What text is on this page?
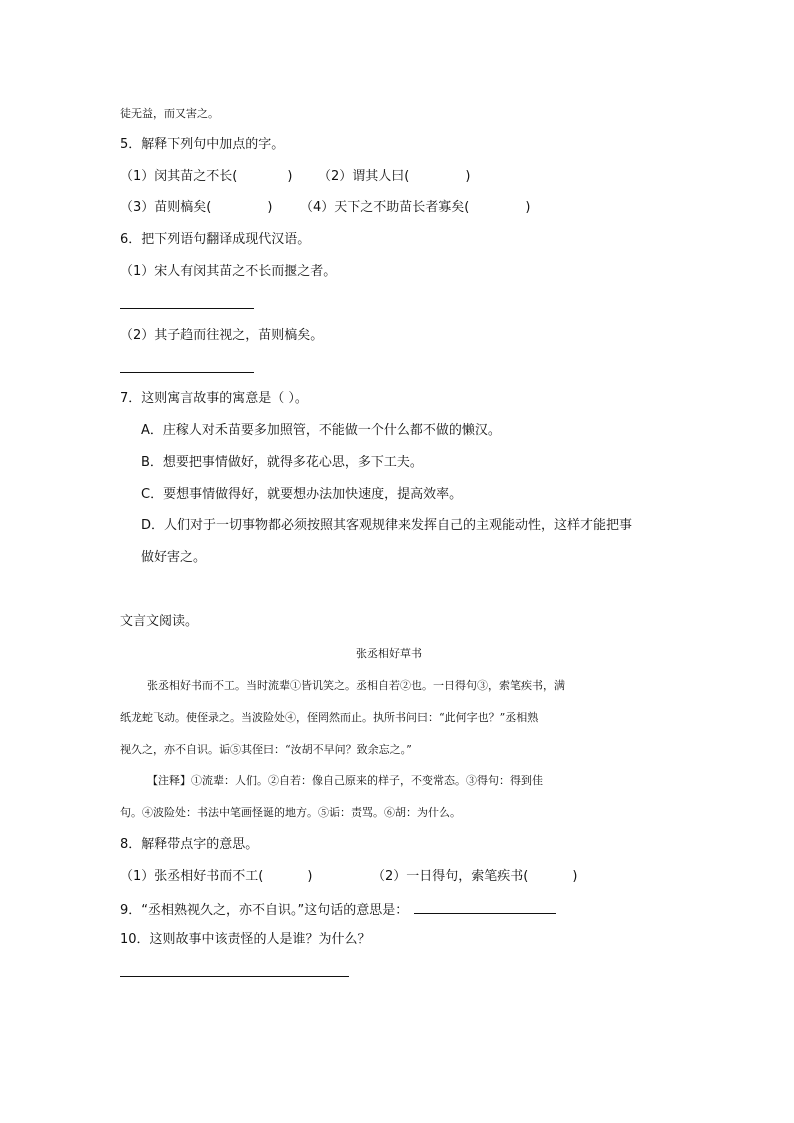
徒无益，而又害之。
5．解释下列句中加点的字。
（1）闵其苗之不长(	) （2）谓其人曰(	)
（3）苗则槁矣(	) （4）天下之不助苗长者寡矣(	)
6．把下列语句翻译成现代汉语。
（1）宋人有闵其苗之不长而揠之者。
（2）其子趋而往视之，苗则槁矣。
7．这则寓言故事的寓意是（ ）。
A．庄稼人对禾苗要多加照管，不能做一个什么都不做的懒汉。
B．想要把事情做好，就得多花心思，多下工夫。
C．要想事情做得好，就要想办法加快速度，提高效率。
D．人们对于一切事物都必须按照其客观规律来发挥自己的主观能动性，这样才能把事
做好害之。
文言文阅读。
张丞相好草书
张丞相好书而不工。当时流辈①皆讥笑之。丞相自若②也。一日得句③，索笔疾书，满
纸龙蛇飞动。使侄录之。当波险处④，侄罔然而止。执所书问曰：“此何字也？”丞相熟
视久之，亦不自识。诟⑤其侄曰：“汝胡不早问？致余忘之。”
【注释】①流辈：人们。②自若：像自己原来的样子，不变常态。③得句：得到佳
句。④波险处：书法中笔画怪诞的地方。⑤诟：责骂。⑥胡：为什么。
8．解释带点字的意思。
（1）张丞相好书而不工(	)	（2）一日得句，索笔疾书(	)
9．“丞相熟视久之，亦不自识。”这句话的意思是：
10．这则故事中该责怪的人是谁？为什么？
